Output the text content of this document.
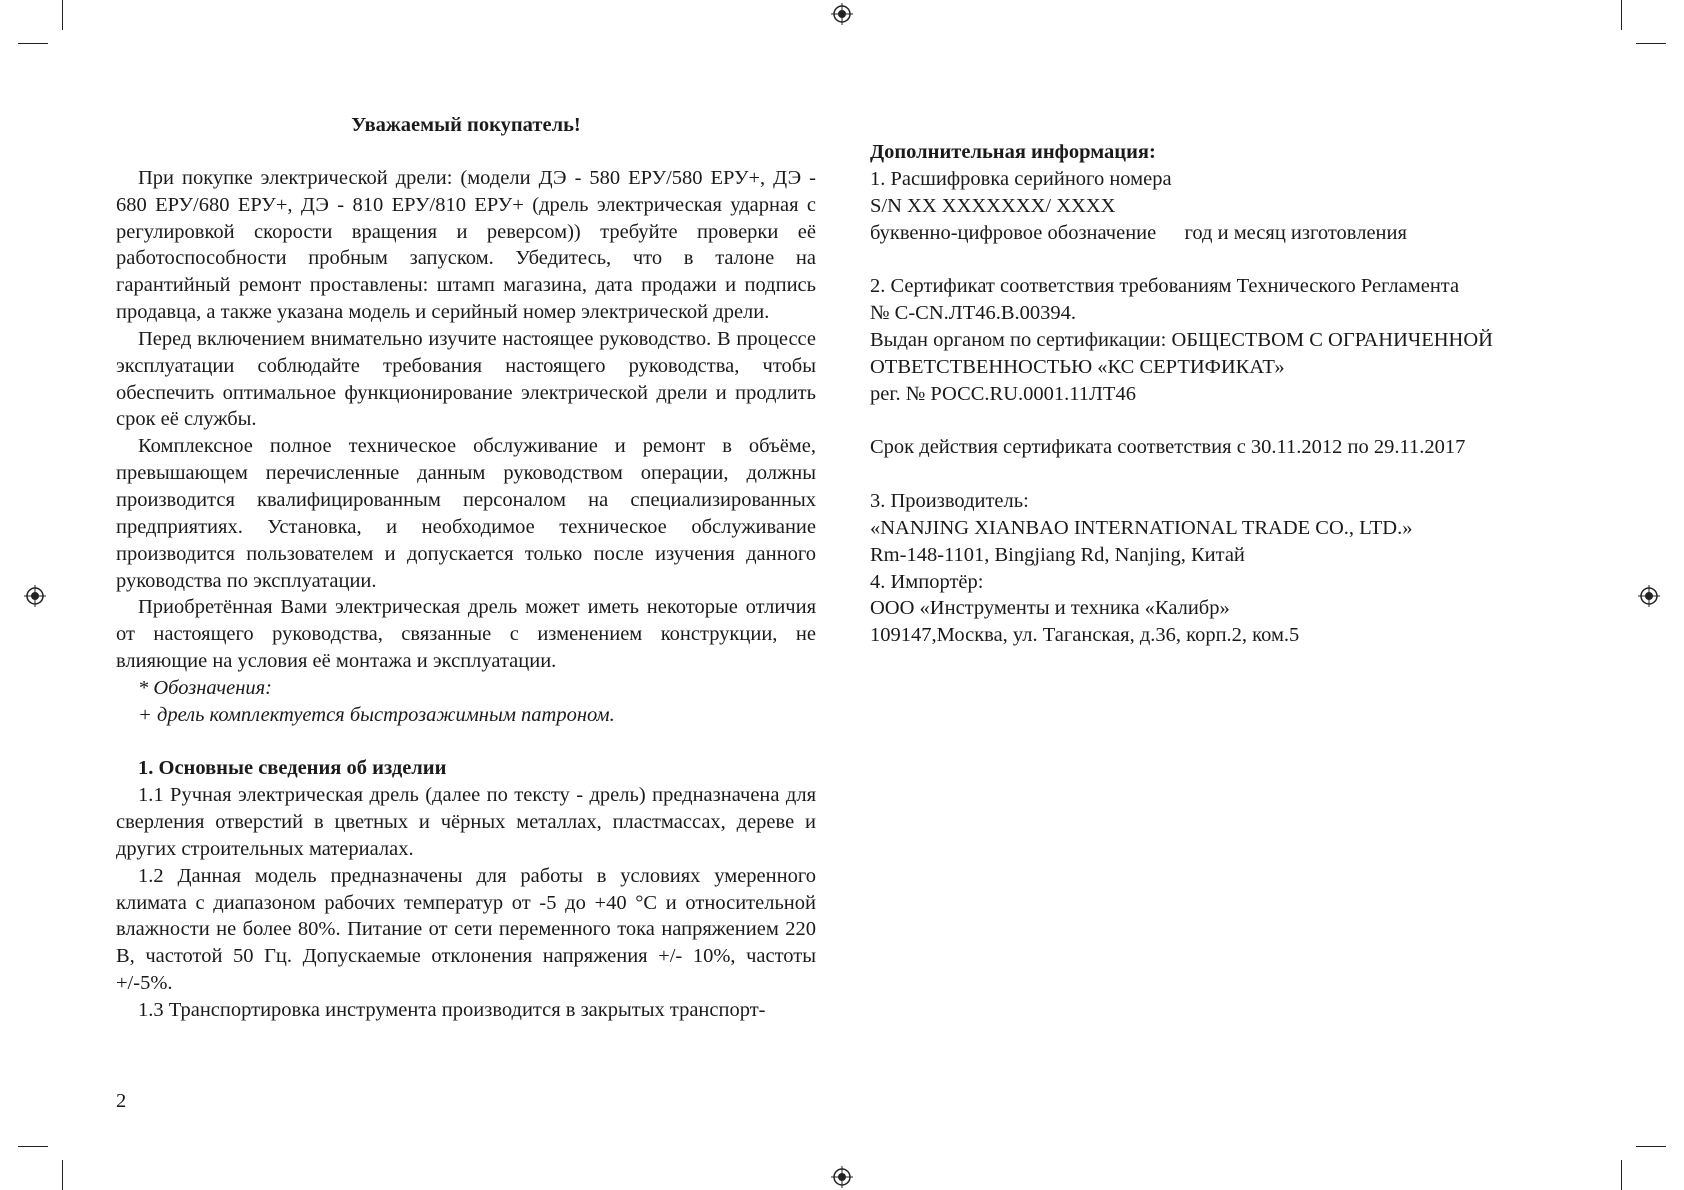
Уважаемый покупатель!

При покупке электрической дрели: (модели ДЭ - 580 ЕРУ/580 ЕРУ+, ДЭ - 680 ЕРУ/680 ЕРУ+, ДЭ - 810 ЕРУ/810 ЕРУ+ (дрель электрическая ударная с регулировкой скорости вращения и реверсом)) требуйте проверки её работоспособности пробным запуском. Убедитесь, что в талоне на гарантийный ремонт проставлены: штамп магазина, дата продажи и подпись продавца, а также указана модель и серийный номер электрической дрели.

Перед включением внимательно изучите настоящее руководство. В процессе эксплуатации соблюдайте требования настоящего руководства, чтобы обеспечить оптимальное функционирование электрической дрели и продлить срок её службы.

Комплексное полное техническое обслуживание и ремонт в объёме, превышающем перечисленные данным руководством операции, должны производится квалифицированным персоналом на специализированных предприятиях. Установка, и необходимое техническое обслуживание производится пользователем и допускается только после изучения данного руководства по эксплуатации.

Приобретённая Вами электрическая дрель может иметь некоторые отличия от настоящего руководства, связанные с изменением конструкции, не влияющие на условия её монтажа и эксплуатации.

* Обозначения:

+ дрель комплектуется быстрозажимным патроном.

1. Основные сведения об изделии

1.1 Ручная электрическая дрель (далее по тексту - дрель) предназначена для сверления отверстий в цветных и чёрных металлах, пластмассах, дереве и других строительных материалах.

1.2 Данная модель предназначены для работы в условиях умеренного климата с диапазоном рабочих температур от -5 до +40 °С и относительной влажности не более 80%. Питание от сети переменного тока напряжением 220 В, частотой 50 Гц. Допускаемые отклонения напряжения +/- 10%, частоты +/-5%.

1.3 Транспортировка инструмента производится в закрытых транспорт-

Дополнительная информация:

1. Расшифровка серийного номера

S/N XX XXXXXXX/ XXXX

буквенно-цифровое обозначение год и месяц изготовления

2. Сертификат соответствия требованиям Технического Регламента

№ C-CN.ЛТ46.В.00394.

Выдан органом по сертификации: ОБЩЕСТВОМ С ОГРАНИЧЕННОЙ

ОТВЕТСТВЕННОСТЬЮ «КС СЕРТИФИКАТ»

рег. № РОСС.RU.0001.11ЛТ46

Срок действия сертификата соответствия с 30.11.2012 по 29.11.2017

3. Производитель:

«NANJING XIANBAO INTERNATIONAL TRADE CO., LTD.»

Rm-148-1101, Bingjiang Rd, Nanjing, Китай

4. Импортёр:

ООО «Инструменты и техника «Калибр»

109147,Москва, ул. Таганская, д.36, корп.2, ком.5

2
